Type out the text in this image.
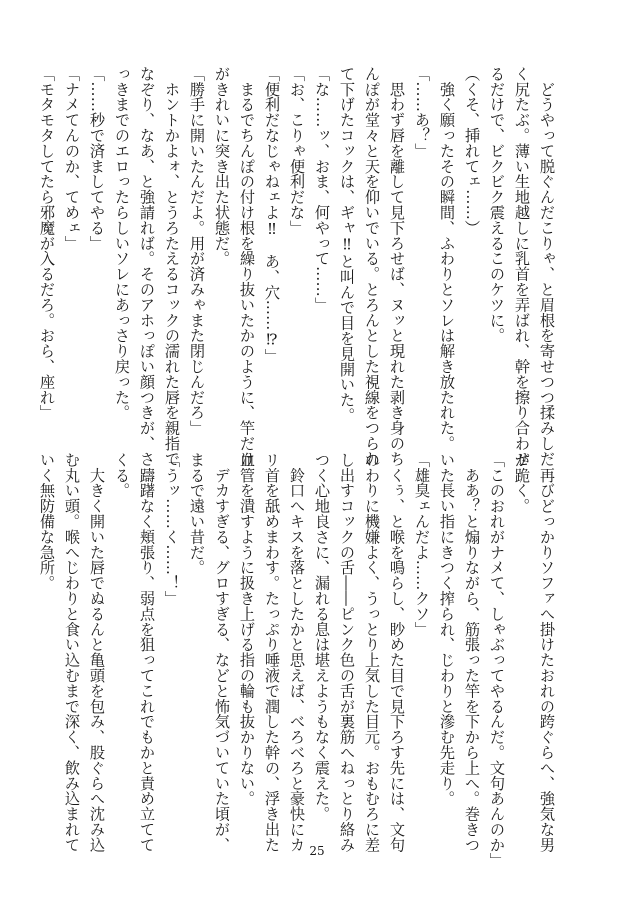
　どうやって脱ぐんだこりゃ、と眉根を寄せつつ揉みしだ
く尻たぶ。薄い生地越しに乳首を弄ばれ、幹を擦り合わせ
るだけで、ビクビク震えるこのケツに。
（くそ、挿れてェ……）
　強く願ったその瞬間、ふわりとソレは解き放たれた。
「……あ？」
　思わず唇を離して見下ろせば、ヌッと現れた剥き身のち
んぽが堂々と天を仰いでいる。とろんとした視線をつられ
て下げたコックは、ギャ‼と叫んで目を見開いた。
「な……ッ、おま、何やって……」
「お、こりゃ便利だな」
「便利だなじゃねェよ‼　あ、穴……⁉」
　まるでちんぽの付け根を繰り抜いたかのように、竿だけ
がきれいに突き出た状態だ。
「勝手に開いたんだよ。用が済みゃまた閉じんだろ」
　ホントかよォ、とうろたえるコックの濡れた唇を親指で
なぞり、なあ、と強請れば。そのアホっぽい顔つきが、さ
っきまでのエロったらしいソレにあっさり戻った。
「……秒で済ましてやる」
「ナメてんのか、てめェ」
「モタモタしてたら邪魔が入るだろ。おら、座れ」
　再びどっかりソファへ掛けたおれの跨ぐらへ、強気な男
が跪く。
「このおれがナメて、しゃぶってやるんだ。文句あんのか」
　ああ？と煽りながら、筋張った竿を下から上へ。巻きつ
いた長い指にきつく搾られ、じわりと滲む先走り。
「雄臭ェんだよ……クソ」
　くぅ、と喉を鳴らし、眇めた目で見下ろす先には、文句
のわりに機嫌よく、うっとり上気した目元。おもむろに差
し出すコックの舌――ピンク色の舌が裏筋へねっとり絡み
つく心地良さに、漏れる息は堪えようもなく震えた。
　鈴口へキスを落としたかと思えば、べろべろと豪快にカ
リ首を舐めまわす。たっぷり唾液で潤した幹の、浮き出た
血管を潰すように扱き上げる指の輪も抜かりない。
　デカすぎる、グロすぎる、などと怖気づいていた頃が、
まるで遠い昔だ。
「うッ……く……！」
　躊躇なく頬張り、弱点を狙ってこれでもかと責め立てて
くる。
　大きく開いた唇でぬるんと亀頭を包み、股ぐらへ沈み込
む丸い頭。喉へじわりと食い込むまで深く、飲み込まれて
いく無防備な急所。
25
